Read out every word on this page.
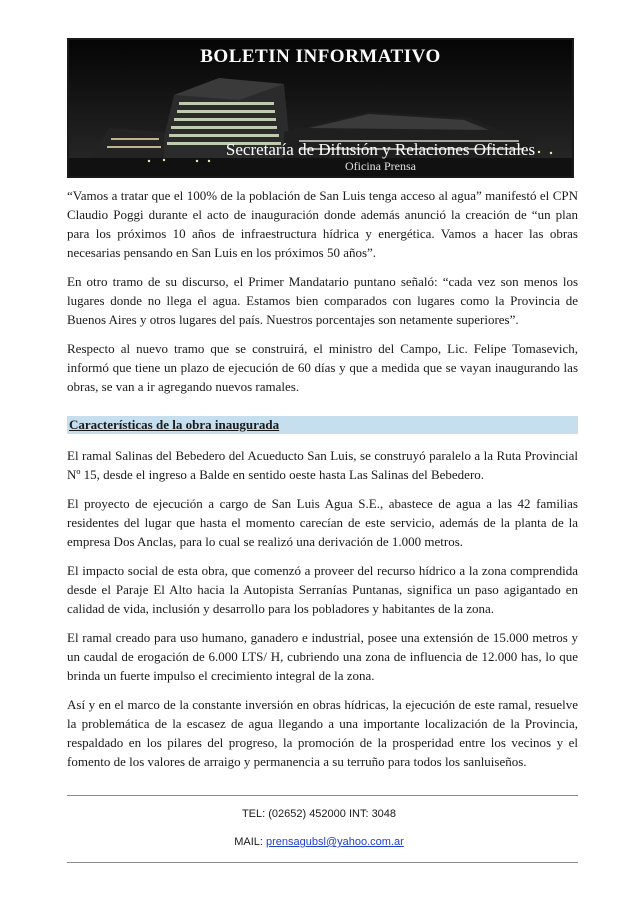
BOLETIN INFORMATIVO
Secretaría de Difusión y Relaciones Oficiales
Oficina Prensa

“Vamos a tratar que el 100% de la población de San Luis tenga acceso al agua” manifestó el CPN Claudio Poggi durante el acto de inauguración donde además anunció la creación de “un plan para los próximos 10 años de infraestructura hídrica y energética. Vamos a hacer las obras necesarias pensando en San Luis en los próximos 50 años”.

En otro tramo de su discurso, el Primer Mandatario puntano señaló: “cada vez son menos los lugares donde no llega el agua. Estamos bien comparados con lugares como la Provincia de Buenos Aires y otros lugares del país. Nuestros porcentajes son netamente superiores”.

Respecto al nuevo tramo que se construirá, el ministro del Campo, Lic. Felipe Tomasevich, informó que tiene un plazo de ejecución de 60 días y que a medida que se vayan inaugurando las obras, se van a ir agregando nuevos ramales.

Características de la obra inaugurada

El ramal Salinas del Bebedero del Acueducto San Luis, se construyó paralelo a la Ruta Provincial Nº 15, desde el ingreso a Balde en sentido oeste hasta Las Salinas del Bebedero.

El proyecto de ejecución a cargo de San Luis Agua S.E., abastece de agua a las 42 familias residentes del lugar que hasta el momento carecían de este servicio, además de la planta de la empresa Dos Anclas, para lo cual se realizó una derivación de 1.000 metros.

El impacto social de esta obra, que comenzó a proveer del recurso hídrico a la zona comprendida desde el Paraje El Alto hacia la Autopista Serranías Puntanas, significa un paso agigantado en calidad de vida, inclusión y desarrollo para los pobladores y habitantes de la zona.

El ramal creado para uso humano, ganadero e industrial, posee una extensión de 15.000 metros y un caudal de erogación de 6.000 LTS/ H, cubriendo una zona de influencia de 12.000 has, lo que brinda un fuerte impulso el crecimiento integral de la zona.

Así y en el marco de la constante inversión en obras hídricas, la ejecución de este ramal, resuelve la problemática de la escasez de agua llegando a una importante localización de la Provincia, respaldado en los pilares del progreso, la promoción de la prosperidad entre los vecinos y el fomento de los valores de arraigo y permanencia a su terruño para todos los sanluiseños.

TEL: (02652) 452000 INT: 3048
MAIL: prensagubsl@yahoo.com.ar
